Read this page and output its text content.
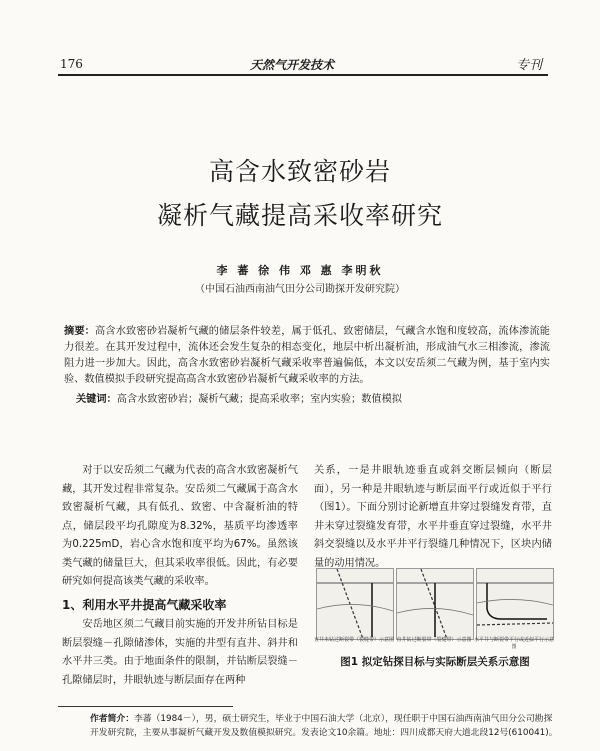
176	天然气开发技术	专刊
高含水致密砂岩
凝析气藏提高采收率研究
李 蕃 徐 伟 邓 惠 李明秋
（中国石油西南油气田分公司勘探开发研究院）
摘要：高含水致密砂岩凝析气藏的储层条件较差，属于低孔、致密储层，气藏含水饱和度较高，流体渗流能力很差。在其开发过程中，流体还会发生复杂的相态变化，地层中析出凝析油，形成油气水三相渗流，渗流阻力进一步加大。因此，高含水致密砂岩凝析气藏采收率普遍偏低，本文以安岳须二气藏为例，基于室内实验、数值模拟手段研究提高高含水致密砂岩凝析气藏采收率的方法。
关键词：高含水致密砂岩；凝析气藏；提高采收率；室内实验；数值模拟

对于以安岳须二气藏为代表的高含水致密凝析气藏，其开发过程非常复杂。安岳须二气藏属于高含水致密凝析气藏，具有低孔、致密、中含凝析油的特点，储层段平均孔隙度为8.32%，基质平均渗透率为0.225mD，岩心含水饱和度平均为67%。虽然该类气藏的储量巨大，但其采收率很低。因此，有必要研究如何提高该类气藏的采收率。

1、利用水平井提高气藏采收率

安岳地区须二气藏目前实施的开发井所钻目标是断层裂缝－孔隙储渗体，实施的井型有直井、斜井和水平井三类。由于地面条件的限制，并钻断层裂缝－孔隙储层时，井眼轨迹与断层面存在两种

关系，一是井眼轨迹垂直或斜交断层倾向（断层面），另一种是井眼轨迹与断层面平行或近似于平行（图1）。下面分别讨论新增直井穿过裂缝发育带，直井未穿过裂缝发育带，水平井垂直穿过裂缝，水平井斜交裂缝以及水平井平行裂缝几种情况下，区块内储量的动用情况。

直井未钻过断裂带（裂缝带）示意图 直井钻过断裂带（裂缝带）示意图 水平井与断裂带平行或近似平行示意图
图1 拟定钻探目标与实际断层关系示意图
作者简介：李蕃（1984－），男，硕士研究生，毕业于中国石油大学（北京），现任职于中国石油西南油气田分公司勘探开发研究院，主要从事凝析气藏开发及数值模拟研究。发表论文10余篇。地址：四川成都天府大道北段12号(610041)。
